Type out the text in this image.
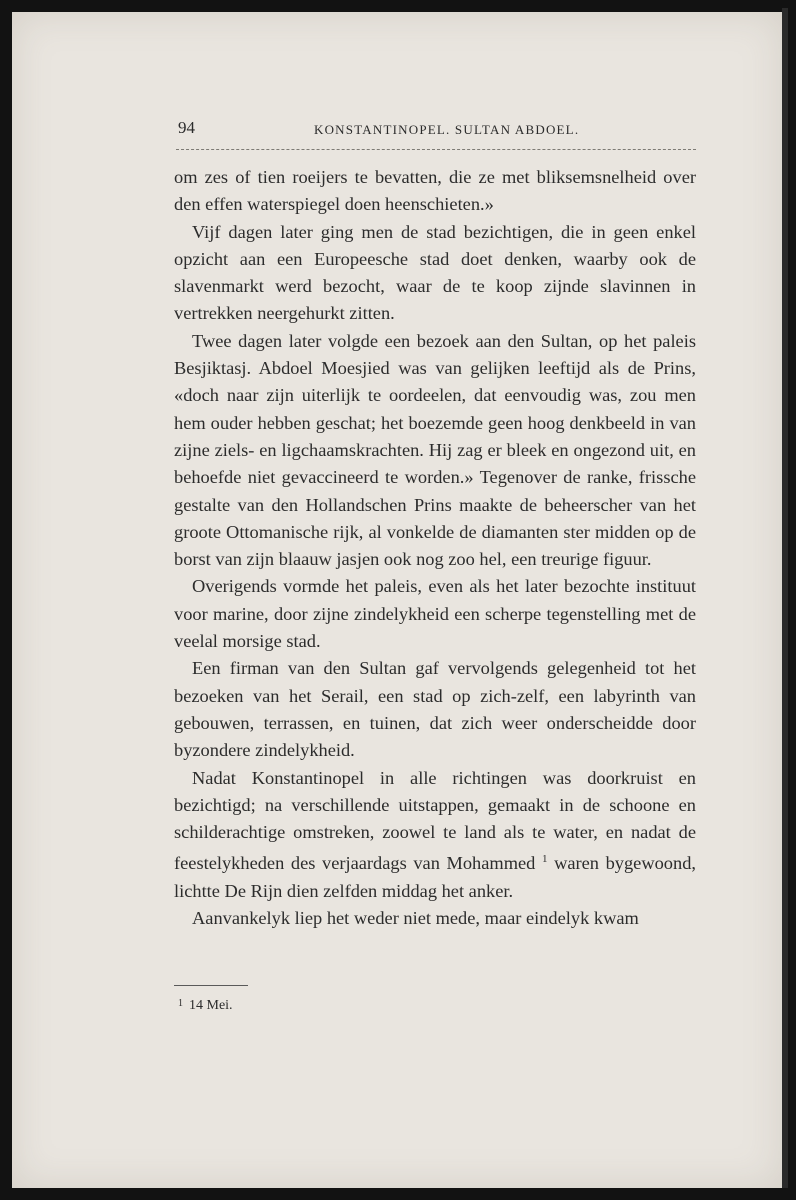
94	KONSTANTINOPEL. SULTAN ABDOEL.

om zes of tien roeijers te bevatten, die ze met bliksemsnelheid over den effen waterspiegel doen heenschieten.»

Vijf dagen later ging men de stad bezichtigen, die in geen enkel opzicht aan een Europeesche stad doet denken, waarby ook de slavenmarkt werd bezocht, waar de te koop zijnde slavinnen in vertrekken neergehurkt zitten.

Twee dagen later volgde een bezoek aan den Sultan, op het paleis Besjiktasj. Abdoel Moesjied was van gelijken leeftijd als de Prins, «doch naar zijn uiterlijk te oordeelen, dat eenvoudig was, zou men hem ouder hebben geschat; het boezemde geen hoog denkbeeld in van zijne ziels- en ligchaamskrachten. Hij zag er bleek en ongezond uit, en behoefde niet gevaccineerd te worden.» Tegenover de ranke, frissche gestalte van den Hollandschen Prins maakte de beheerscher van het groote Ottomanische rijk, al vonkelde de diamanten ster midden op de borst van zijn blaauw jasjen ook nog zoo hel, een treurige figuur.

Overigends vormde het paleis, even als het later bezochte instituut voor marine, door zijne zindelykheid een scherpe tegenstelling met de veelal morsige stad.

Een firman van den Sultan gaf vervolgends gelegenheid tot het bezoeken van het Serail, een stad op zich-zelf, een labyrinth van gebouwen, terrassen, en tuinen, dat zich weer onderscheidde door byzondere zindelykheid.

Nadat Konstantinopel in alle richtingen was doorkruist en bezichtigd; na verschillende uitstappen, gemaakt in de schoone en schilderachtige omstreken, zoowel te land als te water, en nadat de feestelykheden des verjaardags van Mohammed $^1$ waren bygewoond, lichtte De Rijn dien zelfden middag het anker.

Aanvankelyk liep het weder niet mede, maar eindelyk kwam

$^1$ 14 Mei.
